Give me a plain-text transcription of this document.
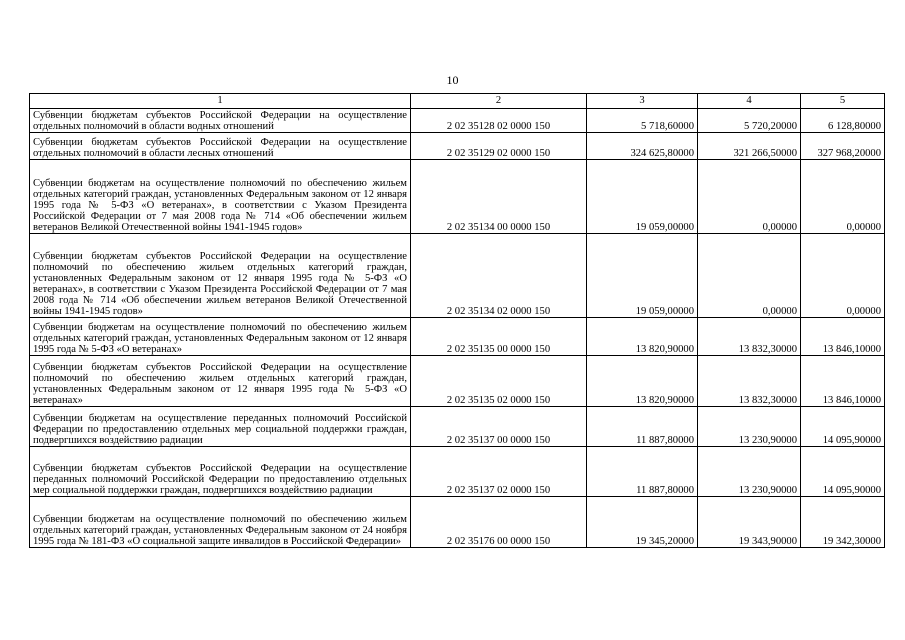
10
1	2	3	4	5
Субвенции бюджетам субъектов Российской Федерации на осуществление отдельных полномочий в области водных отношений	2 02 35128 02 0000 150	5 718,60000	5 720,20000	6 128,80000
Субвенции бюджетам субъектов Российской Федерации на осуществление отдельных полномочий в области лесных отношений	2 02 35129 02 0000 150	324 625,80000	321 266,50000	327 968,20000
Субвенции бюджетам на осуществление полномочий по обеспечению жильем отдельных категорий граждан, установленных Федеральным законом от 12 января 1995 года № 5-ФЗ «О ветеранах», в соответствии с Указом Президента Российской Федерации от 7 мая 2008 года № 714 «Об обеспечении жильем ветеранов Великой Отечественной войны 1941-1945 годов»	2 02 35134 00 0000 150	19 059,00000	0,00000	0,00000
Субвенции бюджетам субъектов Российской Федерации на осуществление полномочий по обеспечению жильем отдельных категорий граждан, установленных Федеральным законом от 12 января 1995 года № 5-ФЗ «О ветеранах», в соответствии с Указом Президента Российской Федерации от 7 мая 2008 года № 714 «Об обеспечении жильем ветеранов Великой Отечественной войны 1941-1945 годов»	2 02 35134 02 0000 150	19 059,00000	0,00000	0,00000
Субвенции бюджетам на осуществление полномочий по обеспечению жильем отдельных категорий граждан, установленных Федеральным законом от 12 января 1995 года № 5-ФЗ «О ветеранах»	2 02 35135 00 0000 150	13 820,90000	13 832,30000	13 846,10000
Субвенции бюджетам субъектов Российской Федерации на осуществление полномочий по обеспечению жильем отдельных категорий граждан, установленных Федеральным законом от 12 января 1995 года № 5-ФЗ «О ветеранах»	2 02 35135 02 0000 150	13 820,90000	13 832,30000	13 846,10000
Субвенции бюджетам на осуществление переданных полномочий Российской Федерации по предоставлению отдельных мер социальной поддержки граждан, подвергшихся воздействию радиации	2 02 35137 00 0000 150	11 887,80000	13 230,90000	14 095,90000
Субвенции бюджетам субъектов Российской Федерации на осуществление переданных полномочий Российской Федерации по предоставлению отдельных мер социальной поддержки граждан, подвергшихся воздействию радиации	2 02 35137 02 0000 150	11 887,80000	13 230,90000	14 095,90000
Субвенции бюджетам на осуществление полномочий по обеспечению жильем отдельных категорий граждан, установленных Федеральным законом от 24 ноября 1995 года № 181-ФЗ «О социальной защите инвалидов в Российской Федерации»	2 02 35176 00 0000 150	19 345,20000	19 343,90000	19 342,30000
